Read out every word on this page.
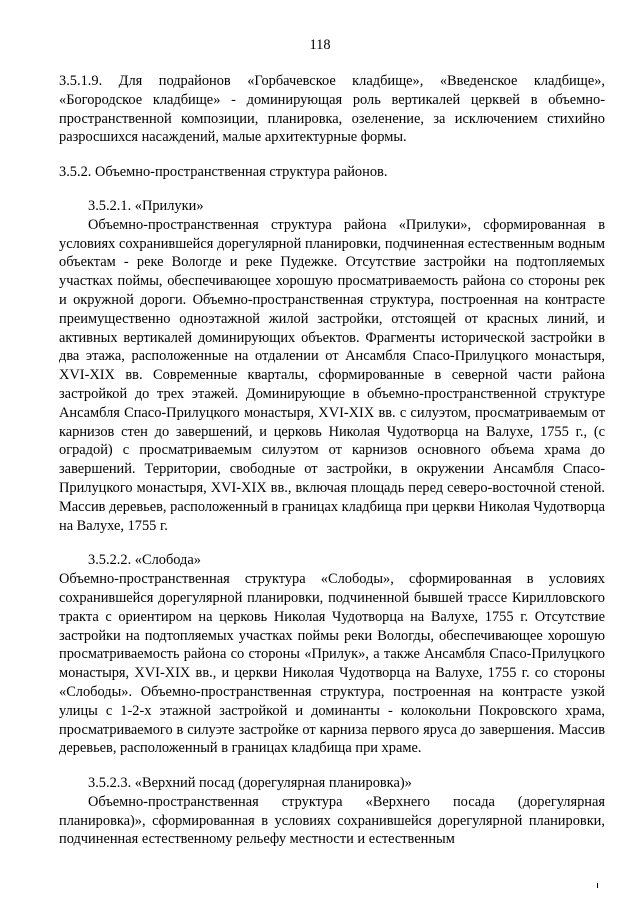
118

3.5.1.9. Для подрайонов «Горбачевское кладбище», «Введенское кладбище», «Богородское кладбище» - доминирующая роль вертикалей церквей в объемно-пространственной композиции, планировка, озеленение, за исключением стихийно разросшихся насаждений, малые архитектурные формы.

3.5.2. Объемно-пространственная структура районов.

3.5.2.1. «Прилуки»

Объемно-пространственная структура района «Прилуки», сформированная в условиях сохранившейся дорегулярной планировки, подчиненная естественным водным объектам - реке Вологде и реке Пудежке. Отсутствие застройки на подтопляемых участках поймы, обеспечивающее хорошую просматриваемость района со стороны рек и окружной дороги. Объемно-пространственная структура, построенная на контрасте преимущественно одноэтажной жилой застройки, отстоящей от красных линий, и активных вертикалей доминирующих объектов. Фрагменты исторической застройки в два этажа, расположенные на отдалении от Ансамбля Спасо-Прилуцкого монастыря, XVI-XIX вв. Современные кварталы, сформированные в северной части района застройкой до трех этажей. Доминирующие в объемно-пространственной структуре Ансамбля Спасо-Прилуцкого монастыря, XVI-XIX вв. с силуэтом, просматриваемым от карнизов стен до завершений, и церковь Николая Чудотворца на Валухе, 1755 г., (с оградой) с просматриваемым силуэтом от карнизов основного объема храма до завершений. Территории, свободные от застройки, в окружении Ансамбля Спасо-Прилуцкого монастыря, XVI-XIX вв., включая площадь перед северо-восточной стеной. Массив деревьев, расположенный в границах кладбища при церкви Николая Чудотворца на Валухе, 1755 г.

3.5.2.2. «Слобода»

Объемно-пространственная структура «Слободы», сформированная в условиях сохранившейся дорегулярной планировки, подчиненной бывшей трассе Кирилловского тракта с ориентиром на церковь Николая Чудотворца на Валухе, 1755 г. Отсутствие застройки на подтопляемых участках поймы реки Вологды, обеспечивающее хорошую просматриваемость района со стороны «Прилук», а также Ансамбля Спасо-Прилуцкого монастыря, XVI-XIX вв., и церкви Николая Чудотворца на Валухе, 1755 г. со стороны «Слободы». Объемно-пространственная структура, построенная на контрасте узкой улицы с 1-2-х этажной застройкой и доминанты - колокольни Покровского храма, просматриваемого в силуэте застройке от карниза первого яруса до завершения. Массив деревьев, расположенный в границах кладбища при храме.

3.5.2.3. «Верхний посад (дорегулярная планировка)»

Объемно-пространственная структура «Верхнего посада (дорегулярная планировка)», сформированная в условиях сохранившейся дорегулярной планировки, подчиненная естественному рельефу местности и естественным
